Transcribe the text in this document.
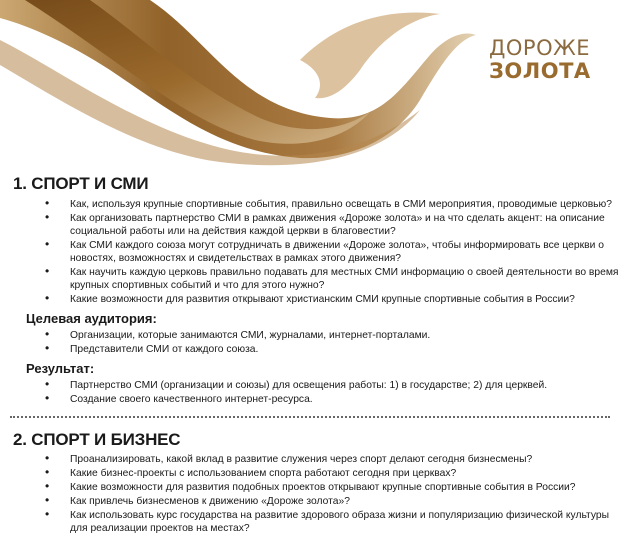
ДОРОЖЕ
ЗОЛОТА
1. СПОРТ И СМИ
• Как, используя крупные спортивные события, правильно освещать в СМИ мероприятия, проводимые церковью?
• Как организовать партнерство СМИ в рамках движения «Дороже золота» и на что сделать акцент: на описание социальной работы или на действия каждой церкви в благовестии?
• Как СМИ каждого союза могут сотрудничать в движении «Дороже золота», чтобы информировать все церкви о новостях, возможностях и свидетельствах в рамках этого движения?
• Как научить каждую церковь правильно подавать для местных СМИ информацию о своей деятельности во время крупных спортивных событий и что для этого нужно?
• Какие возможности для развития открывают христианским СМИ крупные спортивные события в России?
Целевая аудитория:
• Организации, которые занимаются СМИ, журналами, интернет-порталами.
• Представители СМИ от каждого союза.
Результат:
• Партнерство СМИ (организации и союзы) для освещения работы: 1) в государстве; 2) для церквей.
• Создание своего качественного интернет-ресурса.
2. СПОРТ И БИЗНЕС
• Проанализировать, какой вклад в развитие служения через спорт делают сегодня бизнесмены?
• Какие бизнес-проекты с использованием спорта работают сегодня при церквах?
• Какие возможности для развития подобных проектов открывают крупные спортивные события в России?
• Как привлечь бизнесменов к движению «Дороже золота»?
• Как использовать курс государства на развитие здорового образа жизни и популяризацию физической культуры для реализации проектов на местах?
